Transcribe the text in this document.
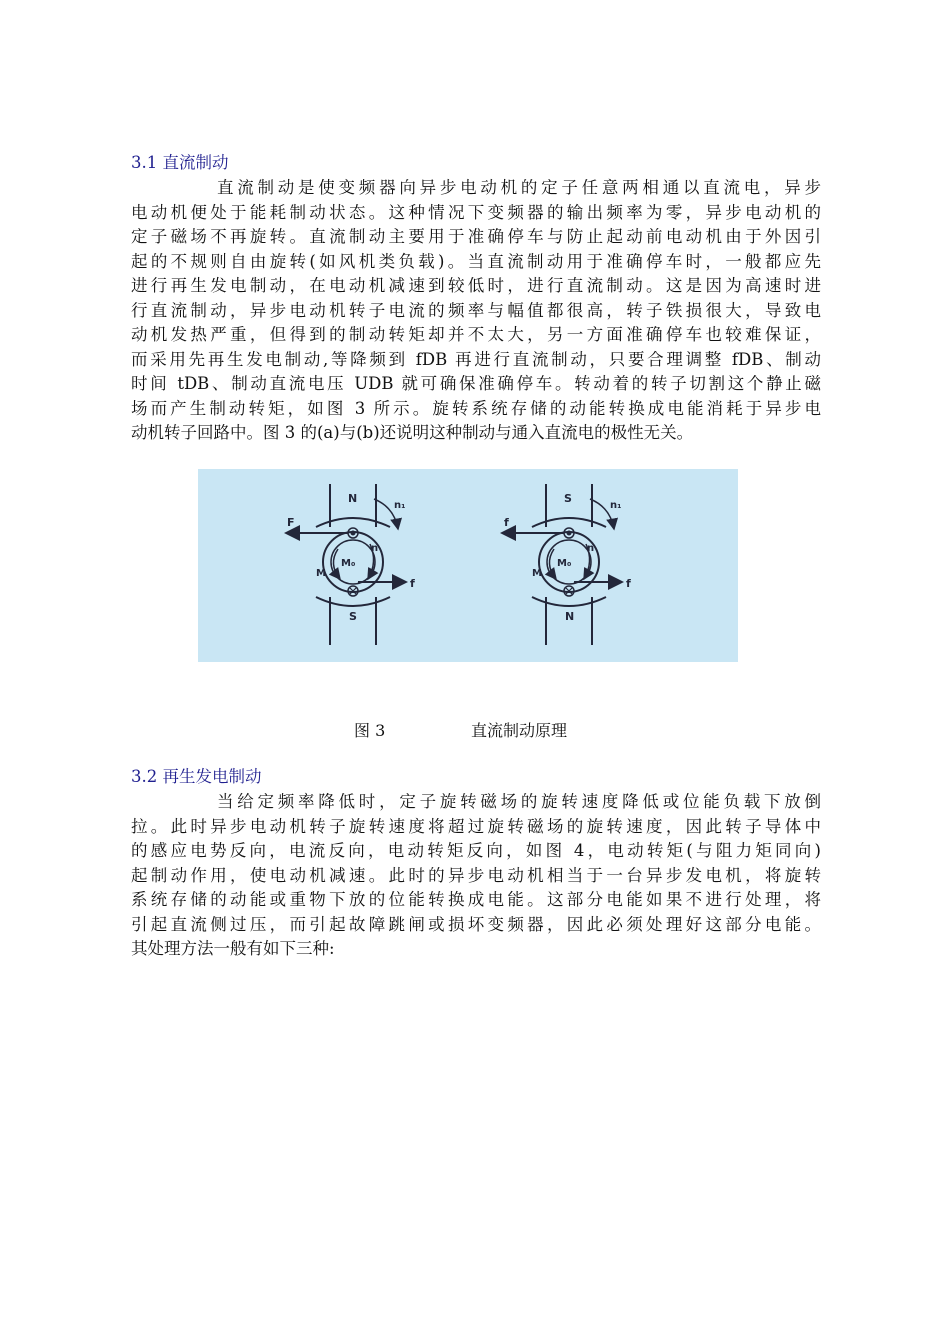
3.1 直流制动
直流制动是使变频器向异步电动机的定子任意两相通以直流电，异步
电动机便处于能耗制动状态。这种情况下变频器的输出频率为零，异步电动机的
定子磁场不再旋转。直流制动主要用于准确停车与防止起动前电动机由于外因引
起的不规则自由旋转(如风机类负载)。当直流制动用于准确停车时，一般都应先
进行再生发电制动，在电动机减速到较低时，进行直流制动。这是因为高速时进
行直流制动，异步电动机转子电流的频率与幅值都很高，转子铁损很大，导致电
动机发热严重，但得到的制动转矩却并不太大，另一方面准确停车也较难保证，
而采用先再生发电制动,等降频到 fDB 再进行直流制动，只要合理调整 fDB、制动
时间 tDB、制动直流电压 UDB 就可确保准确停车。转动着的转子切割这个静止磁
场而产生制动转矩，如图 3 所示。旋转系统存储的动能转换成电能消耗于异步电
动机转子回路中。图 3 的(a)与(b)还说明这种制动与通入直流电的极性无关。
N
S
n₁
F
f
n
M₀
M
S
N
n₁
f
f
n
M₀
M
图 3	直流制动原理
3.2 再生发电制动
当给定频率降低时，定子旋转磁场的旋转速度降低或位能负载下放倒
拉。此时异步电动机转子旋转速度将超过旋转磁场的旋转速度，因此转子导体中
的感应电势反向，电流反向，电动转矩反向，如图 4，电动转矩(与阻力矩同向)
起制动作用，使电动机减速。此时的异步电动机相当于一台异步发电机，将旋转
系统存储的动能或重物下放的位能转换成电能。这部分电能如果不进行处理，将
引起直流侧过压，而引起故障跳闸或损坏变频器，因此必须处理好这部分电能。
其处理方法一般有如下三种:
